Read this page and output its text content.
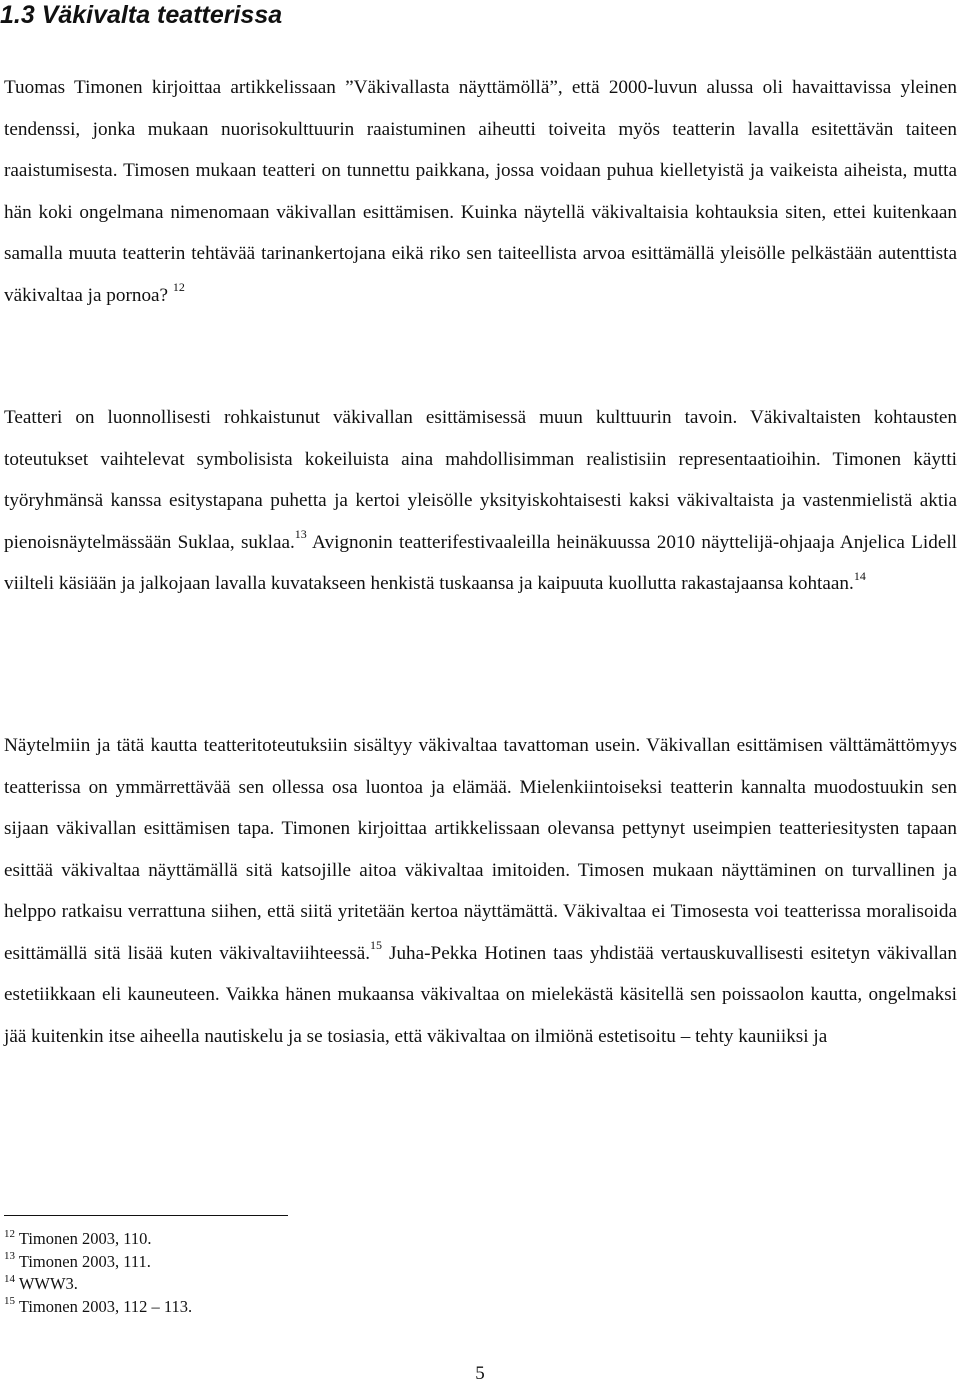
1.3 Väkivalta teatterissa

Tuomas Timonen kirjoittaa artikkelissaan ”Väkivallasta näyttämöllä”, että 2000-luvun alussa oli havaittavissa yleinen tendenssi, jonka mukaan nuorisokulttuurin raaistuminen aiheutti toiveita myös teatterin lavalla esitettävän taiteen raaistumisesta. Timosen mukaan teatteri on tunnettu paikkana, jossa voidaan puhua kielletyistä ja vaikeista aiheista, mutta hän koki ongelmana nimenomaan väkivallan esittämisen. Kuinka näytellä väkivaltaisia kohtauksia siten, ettei kuitenkaan samalla muuta teatterin tehtävää tarinankertojana eikä riko sen taiteellista arvoa esittämällä yleisölle pelkästään autenttista väkivaltaa ja pornoa? $^{12}$

Teatteri on luonnollisesti rohkaistunut väkivallan esittämisessä muun kulttuurin tavoin. Väkivaltaisten kohtausten toteutukset vaihtelevat symbolisista kokeiluista aina mahdollisimman realistisiin representaatioihin. Timonen käytti työryhmänsä kanssa esitystapana puhetta ja kertoi yleisölle yksityiskohtaisesti kaksi väkivaltaista ja vastenmielistä aktia pienoisnäytelmässään Suklaa, suklaa.$^{13}$ Avignonin teatterifestivaaleilla heinäkuussa 2010 näyttelijä-ohjaaja Anjelica Lidell viilteli käsiään ja jalkojaan lavalla kuvatakseen henkistä tuskaansa ja kaipuuta kuollutta rakastajaansa kohtaan.$^{14}$

Näytelmiin ja tätä kautta teatteritoteutuksiin sisältyy väkivaltaa tavattoman usein. Väkivallan esittämisen välttämättömyys teatterissa on ymmärrettävää sen ollessa osa luontoa ja elämää. Mielenkiintoiseksi teatterin kannalta muodostuukin sen sijaan väkivallan esittämisen tapa. Timonen kirjoittaa artikkelissaan olevansa pettynyt useimpien teatteriesitysten tapaan esittää väkivaltaa näyttämällä sitä katsojille aitoa väkivaltaa imitoiden. Timosen mukaan näyttäminen on turvallinen ja helppo ratkaisu verrattuna siihen, että siitä yritetään kertoa näyttämättä. Väkivaltaa ei Timosesta voi teatterissa moralisoida esittämällä sitä lisää kuten väkivaltaviihteessä.$^{15}$ Juha-Pekka Hotinen taas yhdistää vertauskuvallisesti esitetyn väkivallan estetiikkaan eli kauneuteen. Vaikka hänen mukaansa väkivaltaa on mielekästä käsitellä sen poissaolon kautta, ongelmaksi jää kuitenkin itse aiheella nautiskelu ja se tosiasia, että väkivaltaa on ilmiönä estetisoitu – tehty kauniiksi ja

$^{12}$ Timonen 2003, 110.

$^{13}$ Timonen 2003, 111.

$^{14}$ WWW3.

$^{15}$ Timonen 2003, 112 – 113.

5
